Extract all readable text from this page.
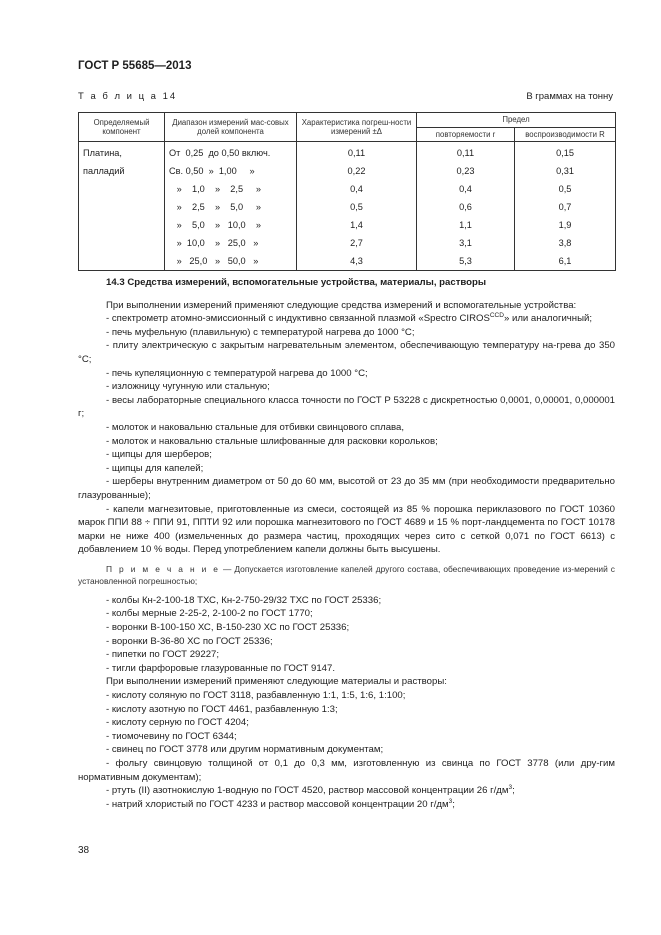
ГОСТ Р 55685—2013
Т а б л и ц а 14	В граммах на тонну
Определяемый компонент	Диапазон измерений мас-совых долей компонента	Характеристика погреш-ности измерений ±Δ	Предел	
			повторяемости r	воспроизводимости R
Платина,	От  0,25  до 0,50 включ.	0,11	0,11	0,15
палладий	Св. 0,50  »  1,00     »	0,22	0,23	0,31
	»    1,0    »    2,5     »	0,4	0,4	0,5
	»    2,5    »    5,0     »	0,5	0,6	0,7
	»    5,0    »   10,0    »	1,4	1,1	1,9
	»  10,0    »   25,0   »	2,7	3,1	3,8
	»   25,0   »   50,0   »	4,3	5,3	6,1

14.3 Средства измерений, вспомогательные устройства, материалы, растворы

При выполнении измерений применяют следующие средства измерений и вспомогательные устройства:

- спектрометр атомно-эмиссионный с индуктивно связанной плазмой «Spectro $CIROS^{CCD}$» или аналогичный;

- печь муфельную (плавильную) с температурой нагрева до 1000 °С;

- плиту электрическую с закрытым нагревательным элементом, обеспечивающую температуру на-грева до 350 °С;

- печь купеляционную с температурой нагрева до 1000 °С;

- изложницу чугунную или стальную;

- весы лабораторные специального класса точности по ГОСТ Р 53228 с дискретностью 0,0001, 0,00001, 0,000001 г;

- молоток и наковальню стальные для отбивки свинцового сплава,

- молоток и наковальню стальные шлифованные для расковки корольков;

- щипцы для шерберов;

- щипцы для капелей;

- шерберы внутренним диаметром от 50 до 60 мм, высотой от 23 до 35 мм (при необходимости предварительно глазурованные);

- капели магнезитовые, приготовленные из смеси, состоящей из 85 % порошка периклазового по ГОСТ 10360 марок ППИ 88 ÷ ППИ 91, ППТИ 92 или порошка магнезитового по ГОСТ 4689 и 15 % порт-ландцемента по ГОСТ 10178 марки не ниже 400 (измельченных до размера частиц, проходящих через сито с сеткой 0,071 по ГОСТ 6613) с добавлением 10 % воды. Перед употреблением капели должны быть высушены.

П р и м е ч а н и е — Допускается изготовление капелей другого состава, обеспечивающих проведение из-мерений с установленной погрешностью;

- колбы Кн-2-100-18 ТХС, Кн-2-750-29/32 ТХС по ГОСТ 25336;

- колбы мерные 2-25-2, 2-100-2 по ГОСТ 1770;

- воронки В-100-150 ХС, В-150-230 ХС по ГОСТ 25336;

- воронки В-36-80 ХС по ГОСТ 25336;

- пипетки по ГОСТ 29227;

- тигли фарфоровые глазурованные по ГОСТ 9147.

При выполнении измерений применяют следующие материалы и растворы:

- кислоту соляную по ГОСТ 3118, разбавленную 1:1, 1:5, 1:6, 1:100;

- кислоту азотную по ГОСТ 4461, разбавленную 1:3;

- кислоту серную по ГОСТ 4204;

- тиомочевину по ГОСТ 6344;

- свинец по ГОСТ 3778 или другим нормативным документам;

- фольгу свинцовую толщиной от 0,1 до 0,3 мм, изготовленную из свинца по ГОСТ 3778 (или дру-гим нормативным документам);

- ртуть (II) азотнокислую 1-водную по ГОСТ 4520, раствор массовой концентрации 26 $г/дм^3$;

- натрий хлористый по ГОСТ 4233 и раствор массовой концентрации 20 $г/дм^3$;

38
